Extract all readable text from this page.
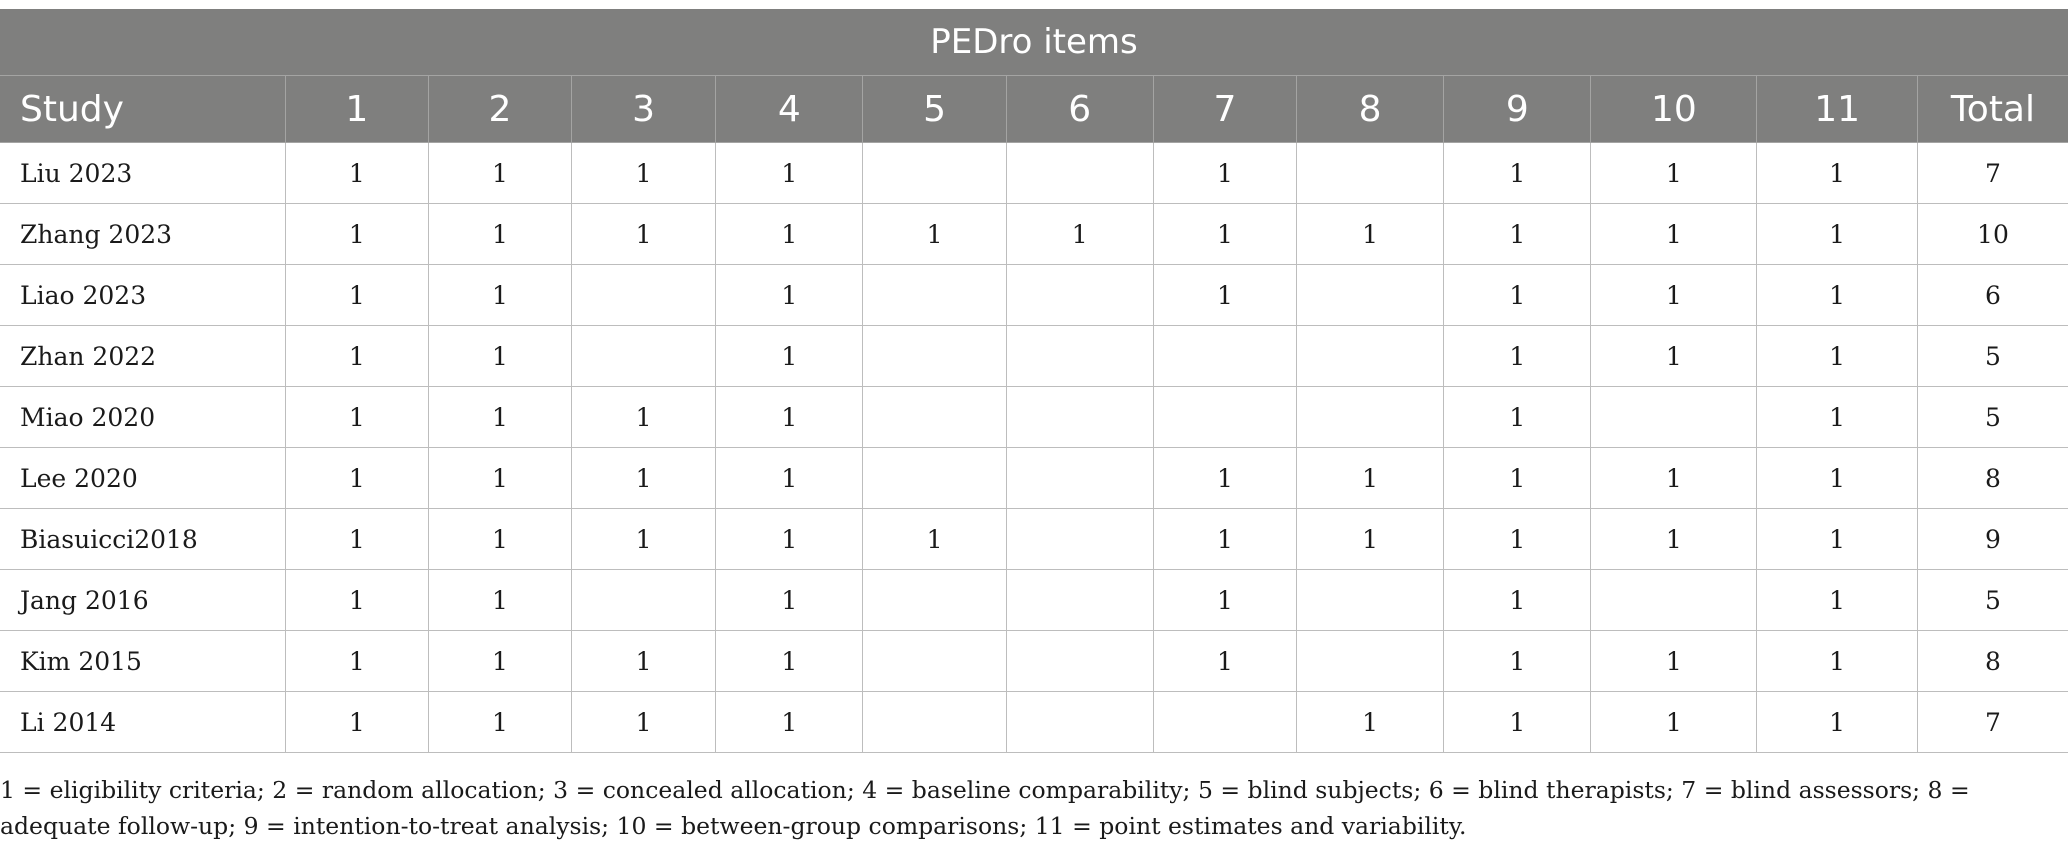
PEDro items												
Study	1	2	3	4	5	6	7	8	9	10	11	Total
Liu 2023	1	1	1	1			1		1	1	1	7
Zhang 2023	1	1	1	1	1	1	1	1	1	1	1	10
Liao 2023	1	1		1			1		1	1	1	6
Zhan 2022	1	1		1					1	1	1	5
Miao 2020	1	1	1	1					1		1	5
Lee 2020	1	1	1	1			1	1	1	1	1	8
Biasuicci2018	1	1	1	1	1		1	1	1	1	1	9
Jang 2016	1	1		1			1		1		1	5
Kim 2015	1	1	1	1			1		1	1	1	8
Li 2014	1	1	1	1				1	1	1	1	7
1 = eligibility criteria; 2 = random allocation; 3 = concealed allocation; 4 = baseline comparability; 5 = blind subjects; 6 = blind therapists; 7 = blind assessors; 8 = adequate follow-up; 9 = intention-to-treat analysis; 10 = between-group comparisons; 11 = point estimates and variability.
